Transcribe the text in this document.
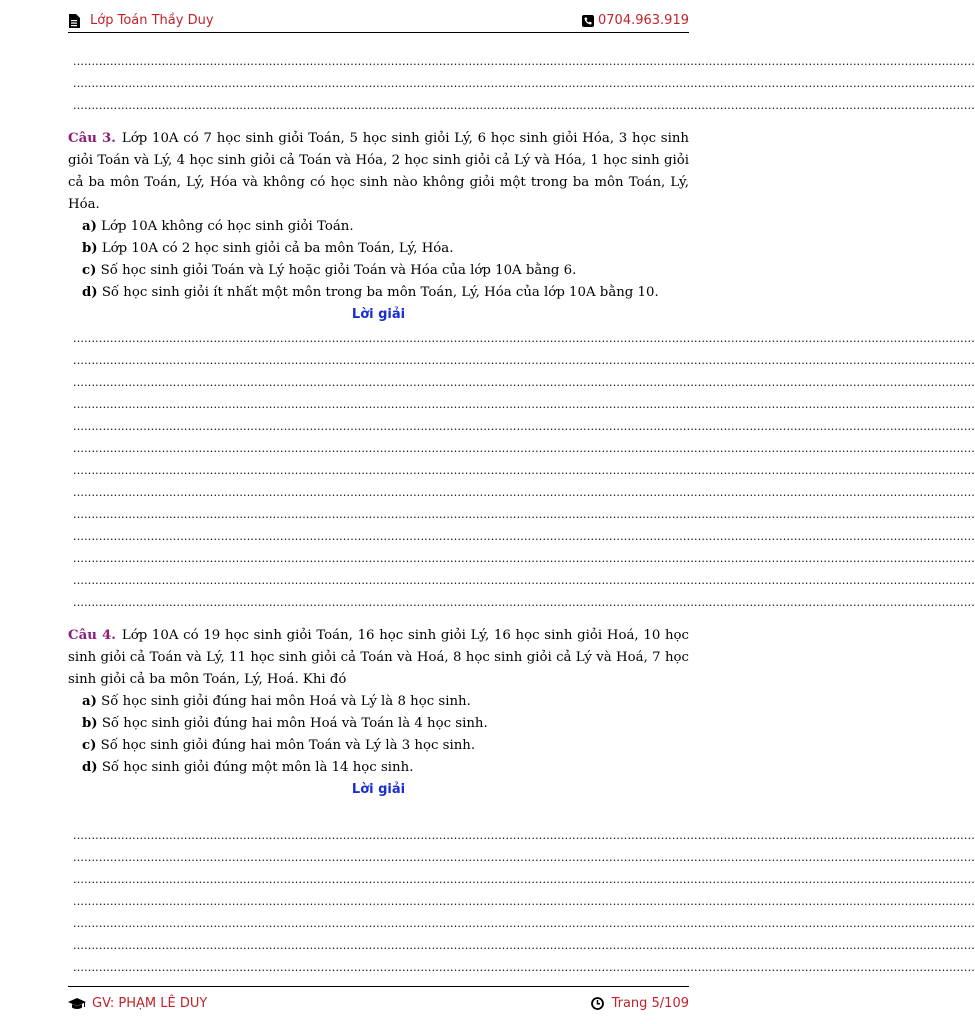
Lớp Toán Thầy Duy	0704.963.919
....................................................................................................................................................................................................................................................
....................................................................................................................................................................................................................................................
....................................................................................................................................................................................................................................................

Câu 3. Lớp 10A có 7 học sinh giỏi Toán, 5 học sinh giỏi Lý, 6 học sinh giỏi Hóa, 3 học sinh giỏi Toán và Lý, 4 học sinh giỏi cả Toán và Hóa, 2 học sinh giỏi cả Lý và Hóa, 1 học sinh giỏi cả ba môn Toán, Lý, Hóa và không có học sinh nào không giỏi một trong ba môn Toán, Lý, Hóa.

a) Lớp 10A không có học sinh giỏi Toán.

b) Lớp 10A có 2 học sinh giỏi cả ba môn Toán, Lý, Hóa.

c) Số học sinh giỏi Toán và Lý hoặc giỏi Toán và Hóa của lớp 10A bằng 6.

d) Số học sinh giỏi ít nhất một môn trong ba môn Toán, Lý, Hóa của lớp 10A bằng 10.

Lời giải
....................................................................................................................................................................................................................................................
....................................................................................................................................................................................................................................................
....................................................................................................................................................................................................................................................
....................................................................................................................................................................................................................................................
....................................................................................................................................................................................................................................................
....................................................................................................................................................................................................................................................
....................................................................................................................................................................................................................................................
....................................................................................................................................................................................................................................................
....................................................................................................................................................................................................................................................
....................................................................................................................................................................................................................................................
....................................................................................................................................................................................................................................................
....................................................................................................................................................................................................................................................
....................................................................................................................................................................................................................................................

Câu 4. Lớp 10A có 19 học sinh giỏi Toán, 16 học sinh giỏi Lý, 16 học sinh giỏi Hoá, 10 học sinh giỏi cả Toán và Lý, 11 học sinh giỏi cả Toán và Hoá, 8 học sinh giỏi cả Lý và Hoá, 7 học sinh giỏi cả ba môn Toán, Lý, Hoá. Khi đó

a) Số học sinh giỏi đúng hai môn Hoá và Lý là 8 học sinh.

b) Số học sinh giỏi đúng hai môn Hoá và Toán là 4 học sinh.

c) Số học sinh giỏi đúng hai môn Toán và Lý là 3 học sinh.

d) Số học sinh giỏi đúng một môn là 14 học sinh.

Lời giải
....................................................................................................................................................................................................................................................
....................................................................................................................................................................................................................................................
....................................................................................................................................................................................................................................................
....................................................................................................................................................................................................................................................
....................................................................................................................................................................................................................................................
....................................................................................................................................................................................................................................................
....................................................................................................................................................................................................................................................
GV: PHẠM LÊ DUY	Trang 5/109
